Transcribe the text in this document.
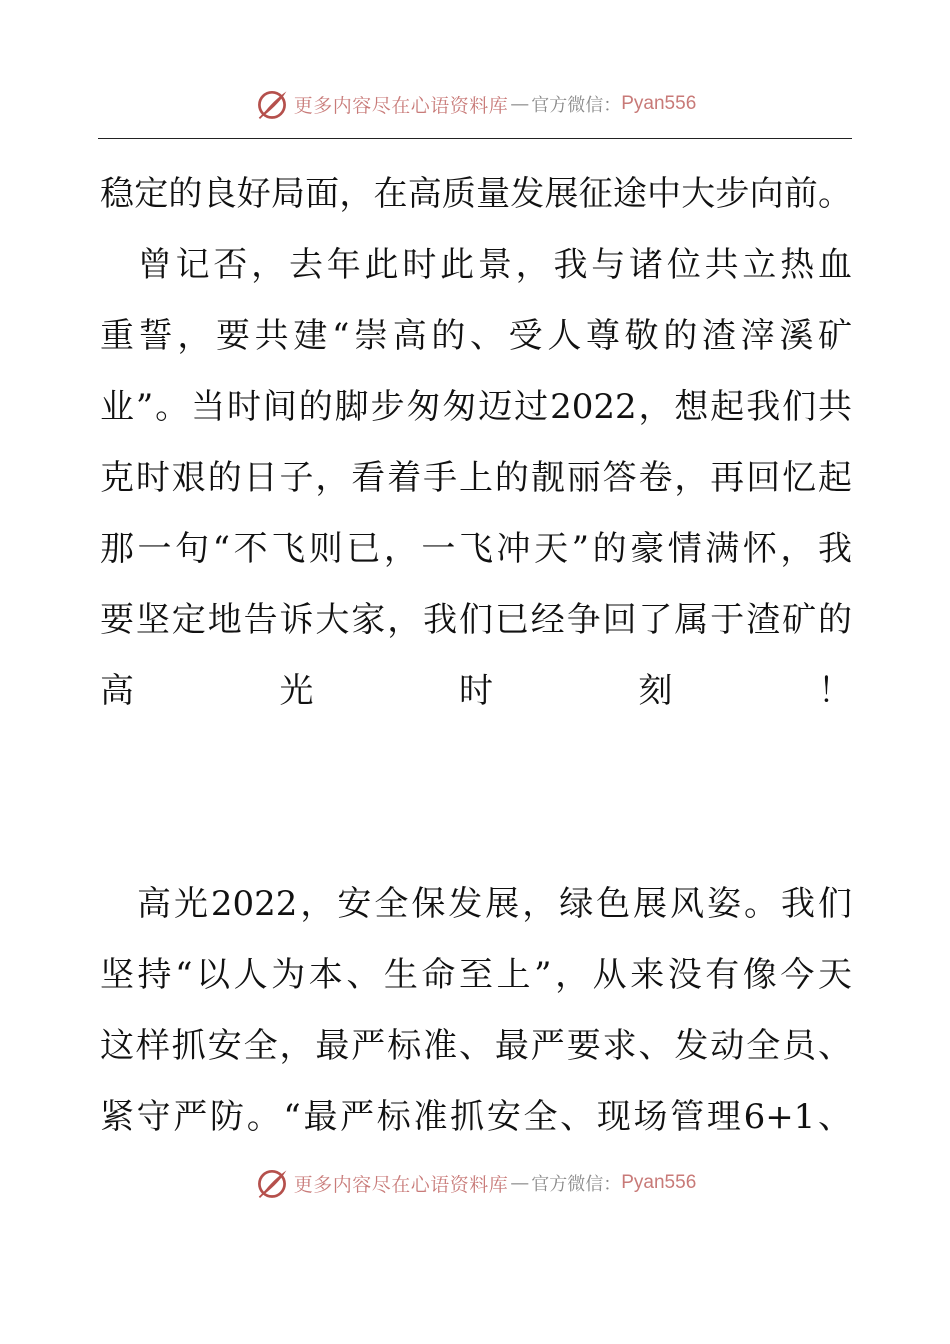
更多内容尽在心语资料库 — 官方微信： Pyan556
稳定的良好局面，在高质量发展征途中大步向前。
　曾记否，去年此时此景，我与诸位共立热血
重誓，要共建“崇高的、受人尊敬的渣滓溪矿
业”。当时间的脚步匆匆迈过2022，想起我们共
克时艰的日子，看着手上的靓丽答卷，再回忆起
那一句“不飞则已，一飞冲天”的豪情满怀，我
要坚定地告诉大家，我们已经争回了属于渣矿的
高	光	时	刻	！
　高光2022，安全保发展，绿色展风姿。我们
坚持“以人为本、生命至上”，从来没有像今天
这样抓安全，最严标准、最严要求、发动全员、
紧守严防。“最严标准抓安全、现场管理6+1、
更多内容尽在心语资料库 — 官方微信： Pyan556
